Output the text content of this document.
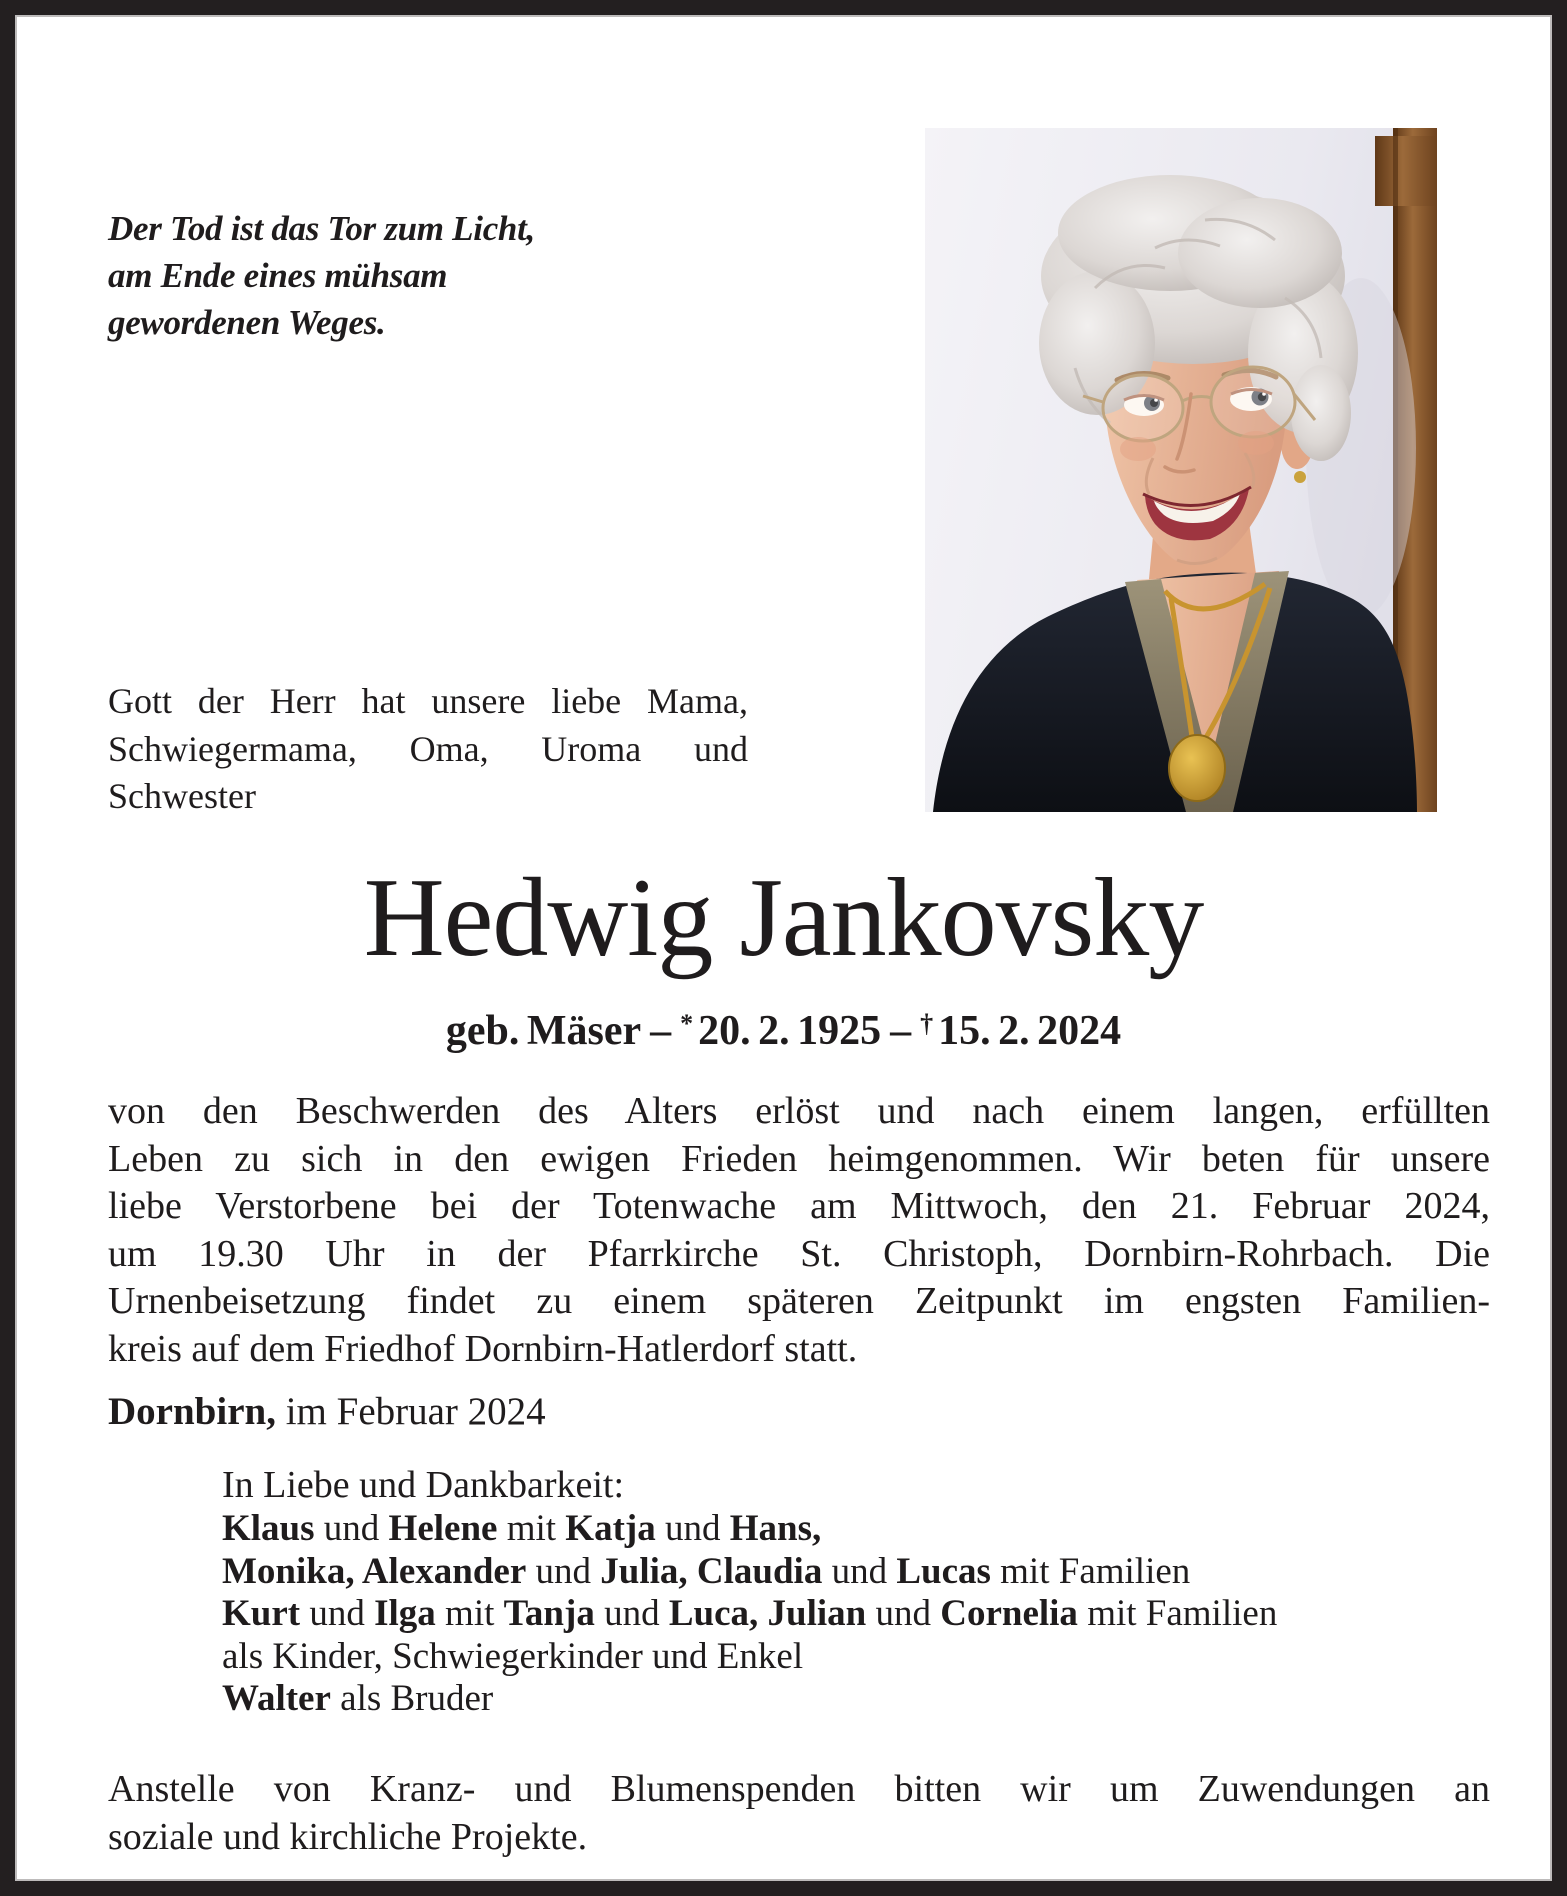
Der Tod ist das Tor zum Licht,
am Ende eines mühsam
gewordenen Weges.
Gott der Herr hat unsere liebe Mama,
Schwiegermama, Oma, Uroma und
Schwester
Hedwig Jankovsky
geb. Mäser – * 20. 2. 1925 – † 15. 2. 2024
von den Beschwerden des Alters erlöst und nach einem langen, erfüllten
Leben zu sich in den ewigen Frieden heimgenommen. Wir beten für unsere
liebe Verstorbene bei der Totenwache am Mittwoch, den 21. Februar 2024,
um 19.30 Uhr in der Pfarrkirche St. Christoph, Dornbirn-Rohrbach. Die
Urnenbeisetzung findet zu einem späteren Zeitpunkt im engsten Familien-
kreis auf dem Friedhof Dornbirn-Hatlerdorf statt.
Dornbirn, im Februar 2024
In Liebe und Dankbarkeit:
Klaus und Helene mit Katja und Hans,
Monika, Alexander und Julia, Claudia und Lucas mit Familien
Kurt und Ilga mit Tanja und Luca, Julian und Cornelia mit Familien
als Kinder, Schwiegerkinder und Enkel
Walter als Bruder
Anstelle von Kranz- und Blumenspenden bitten wir um Zuwendungen an
soziale und kirchliche Projekte.
